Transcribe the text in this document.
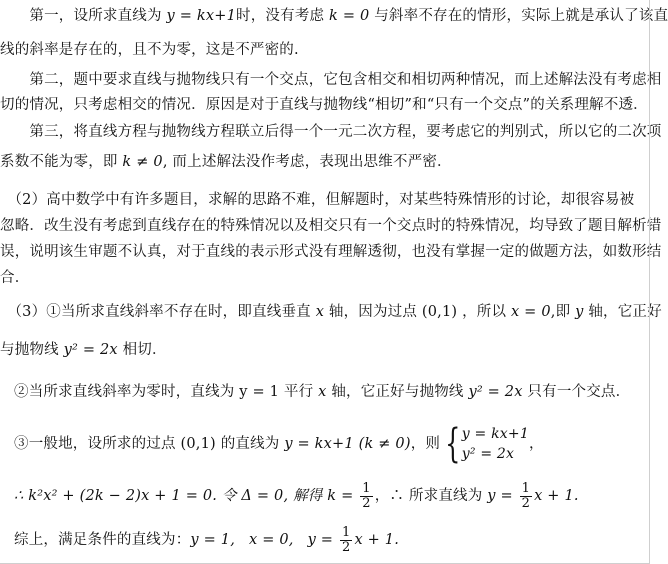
　　第一，设所求直线为 y = kx+1时，没有考虑 k = 0 与斜率不存在的情形，实际上就是承认了该直
线的斜率是存在的，且不为零，这是不严密的.
　　第二，题中要求直线与抛物线只有一个交点，它包含相交和相切两种情况，而上述解法没有考虑相
切的情况，只考虑相交的情况．原因是对于直线与抛物线“相切”和“只有一个交点”的关系理解不透．
　　第三，将直线方程与抛物线方程联立后得一个一元二次方程，要考虑它的判别式，所以它的二次项
系数不能为零，即 k ≠ 0, 而上述解法没作考虑，表现出思维不严密．
　（2）高中数学中有许多题目，求解的思路不难，但解题时，对某些特殊情形的讨论，却很容易被
忽略．改生没有考虑到直线存在的特殊情况以及相交只有一个交点时的特殊情况，均导致了题目解析错
误，说明该生审题不认真，对于直线的表示形式没有理解透彻，也没有掌握一定的做题方法，如数形结
合．
　（3）①当所求直线斜率不存在时，即直线垂直 x 轴，因为过点 (0,1) ，所以 x = 0,即 y 轴，它正好
与抛物线 y² = 2x 相切．
②当所求直线斜率为零时，直线为 y = 1 平行 x 轴，它正好与抛物线 y² = 2x 只有一个交点．
③一般地，设所求的过点 (0,1) 的直线为 y = kx+1 (k ≠ 0)，则 { y = kx+1
y² = 2x
，
∴ k²x² + (2k − 2)x + 1 = 0. 令 Δ = 0, 解得 $k = \frac{1}{2}$ ，∴ 所求直线为 $y = \frac{1}{2}$ x + 1.
综上，满足条件的直线为：y = 1, x = 0, $y = \frac{1}{2}$ x + 1.
